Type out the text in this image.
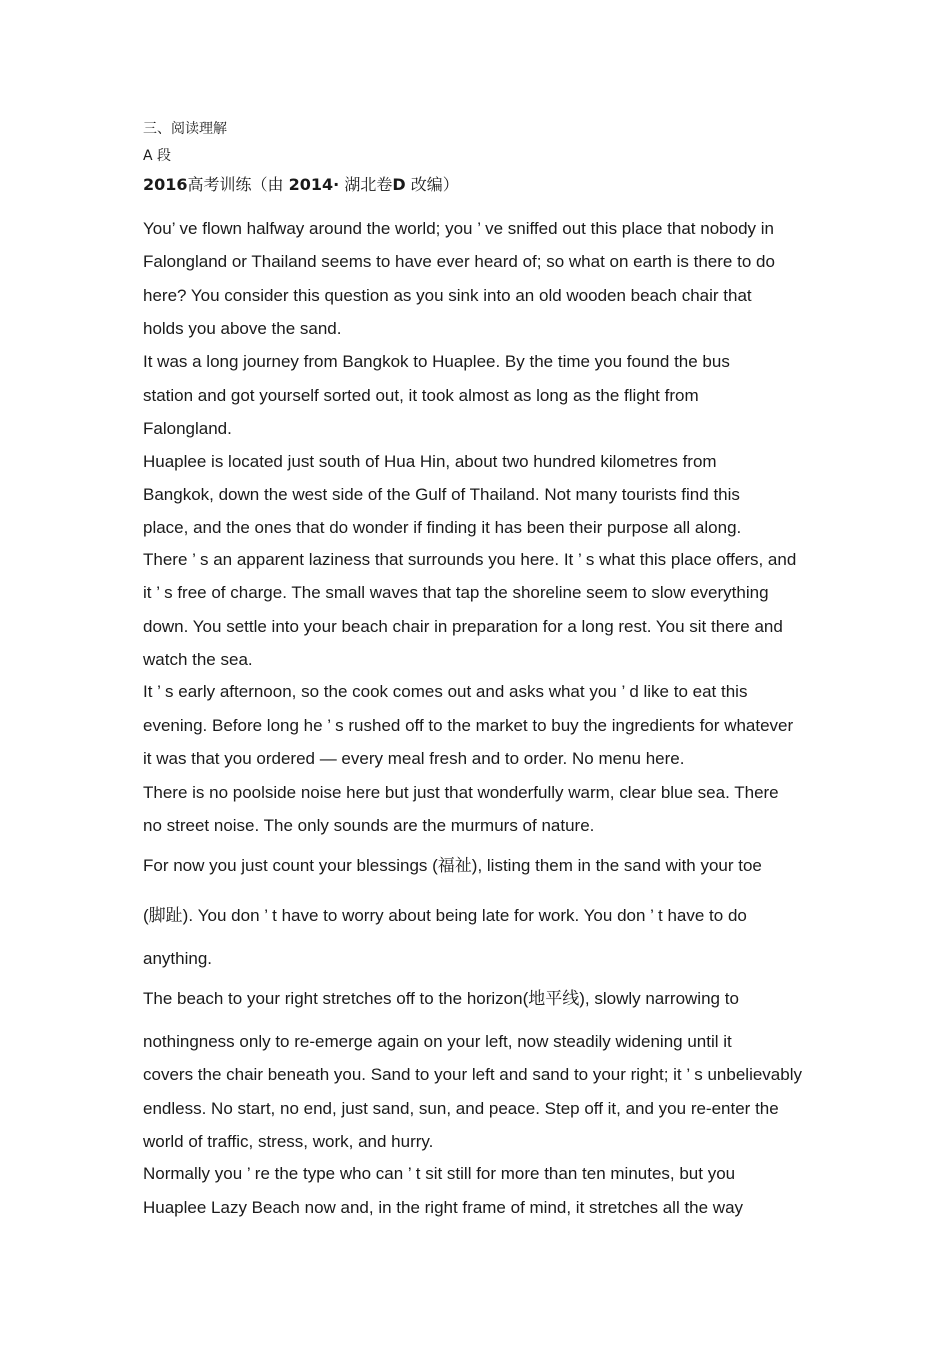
三、阅读理解
A 段
2016高考训练（由 2014· 湖北卷D 改编）
You’ ve flown halfway around the world; you ’ ve sniffed out this place that nobody in
Falongland or Thailand seems to have ever heard of; so what on earth is there to do
here? You consider this question as you sink into an old wooden beach chair that
holds you above the sand.
It was a long journey from Bangkok to Huaplee. By the time you found the bus
station and got yourself sorted out, it took almost as long as the flight from
Falongland.
Huaplee is located just south of Hua Hin, about two hundred kilometres from
Bangkok, down the west side of the Gulf of Thailand. Not many tourists find this
place, and the ones that do wonder if finding it has been their purpose all along.
There ’ s an apparent laziness that surrounds you here. It ’ s what this place offers, and
it ’ s free of charge. The small waves that tap the shoreline seem to slow everything
down. You settle into your beach chair in preparation for a long rest. You sit there and
watch the sea.
It ’ s early afternoon, so the cook comes out and asks what you ’ d like to eat this
evening. Before long he ’ s rushed off to the market to buy the ingredients for whatever
it was that you ordered — every meal fresh and to order. No menu here.
There is no poolside noise here but just that wonderfully warm, clear blue sea. There
no street noise. The only sounds are the murmurs of nature.
For now you just count your blessings (福祉), listing them in the sand with your toe
(脚趾). You don ’ t have to worry about being late for work. You don ’ t have to do
anything.
The beach to your right stretches off to the horizon(地平线), slowly narrowing to
nothingness only to re-emerge again on your left, now steadily widening until it
covers the chair beneath you. Sand to your left and sand to your right; it ’ s unbelievably
endless. No start, no end, just sand, sun, and peace. Step off it, and you re-enter the
world of traffic, stress, work, and hurry.
Normally you ’ re the type who can ’ t sit still for more than ten minutes, but you
Huaplee Lazy Beach now and, in the right frame of mind, it stretches all the way
